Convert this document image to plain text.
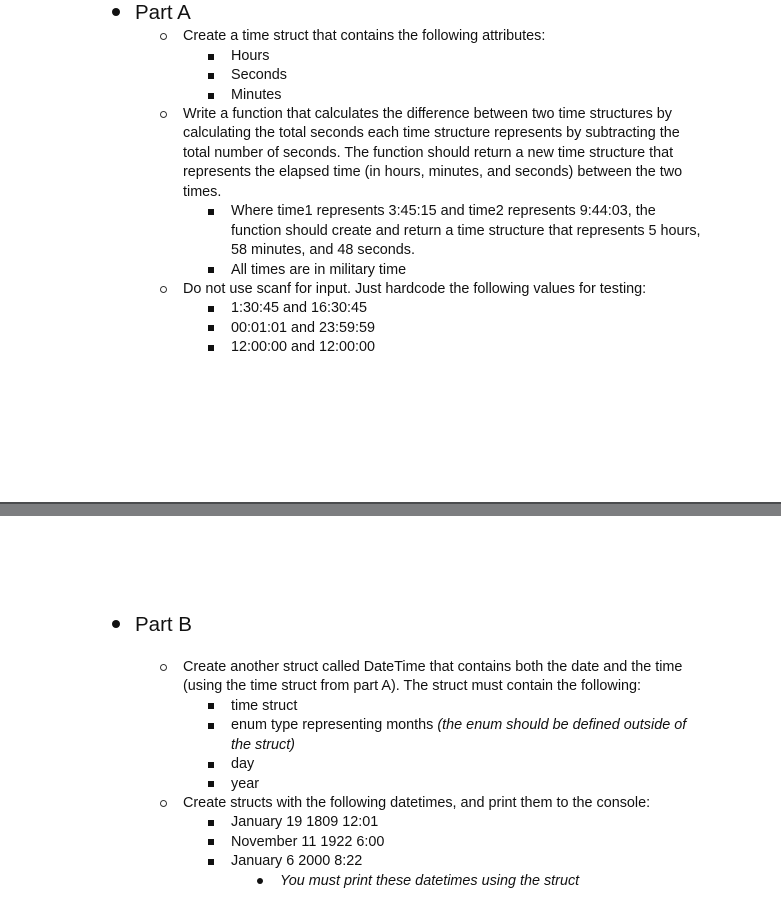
Part A
Create a time struct that contains the following attributes:
Hours
Seconds
Minutes
Write a function that calculates the difference between two time structures by
calculating the total seconds each time structure represents by subtracting the
total number of seconds. The function should return a new time structure that
represents the elapsed time (in hours, minutes, and seconds) between the two
times.
Where time1 represents 3:45:15 and time2 represents 9:44:03, the
function should create and return a time structure that represents 5 hours,
58 minutes, and 48 seconds.
All times are in military time
Do not use scanf for input. Just hardcode the following values for testing:
1:30:45 and 16:30:45
00:01:01 and 23:59:59
12:00:00 and 12:00:00
Part B
Create another struct called DateTime that contains both the date and the time
(using the time struct from part A). The struct must contain the following:
time struct
enum type representing months (the enum should be defined outside of
the struct)
day
year
Create structs with the following datetimes, and print them to the console:
January 19 1809 12:01
November 11 1922 6:00
January 6 2000 8:22
You must print these datetimes using the struct
